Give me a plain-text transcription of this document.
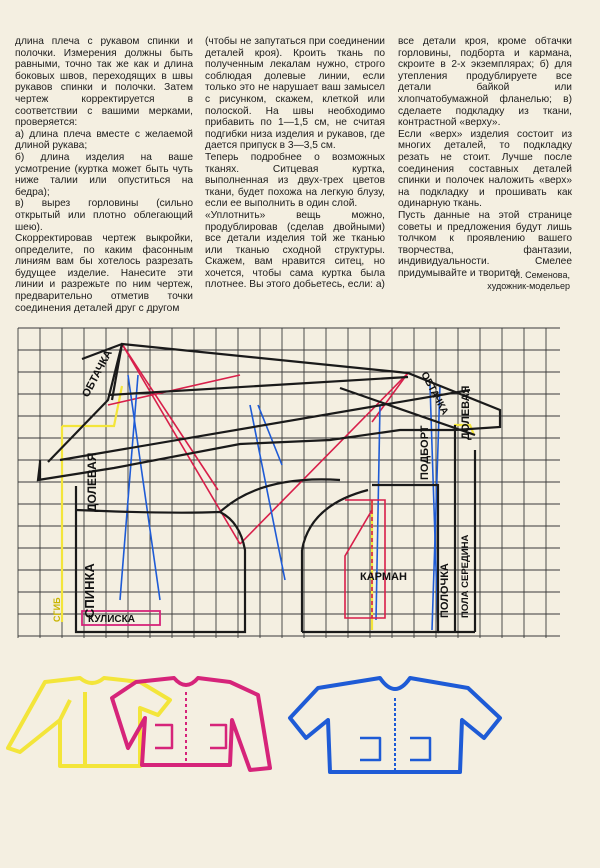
длина плеча с рукавом спинки и полочки. Измерения должны быть равными, точно так же как и длина боковых швов, переходящих в швы рукавов спинки и полочки. Затем чертеж корректируется в соответствии с вашими мерками, проверяется:

а) длина плеча вместе с желаемой длиной рукава;

б) длина изделия на ваше усмотрение (куртка может быть чуть ниже талии или опуститься на бедра);

в) вырез горловины (сильно открытый или плотно облегающий шею).

Скорректировав чертеж выкройки, определите, по каким фасонным линиям вам бы хотелось разрезать будущее изделие. Нанесите эти линии и разрежьте по ним чертеж, предварительно отметив точки соединения деталей друг с другом

(чтобы не запутаться при соединении деталей кроя). Кроить ткань по полученным лекалам нужно, строго соблюдая долевые линии, если только это не нарушает ваш замысел с рисунком, скажем, клеткой или полоской. На швы необходимо прибавить по 1—1,5 см, не считая подгибки низа изделия и рукавов, где дается припуск в 3—3,5 см.

Теперь подробнее о возможных тканях. Ситцевая куртка, выполненная из двух-трех цветов ткани, будет похожа на легкую блузу, если ее выполнить в один слой.

«Уплотнить» вещь можно, продублировав (сделав двойными) все детали изделия той же тканью или тканью сходной структуры. Скажем, вам нравится ситец, но хочется, чтобы сама куртка была плотнее. Вы этого добьетесь, если: а)

все детали кроя, кроме обтачки горловины, подборта и кармана, скроите в 2-х экземплярах; б) для утепления продублируете все детали байкой или хлопчатобумажной фланелью; в) сделаете подкладку из ткани, контрастной «верху».

Если «верх» изделия состоит из многих деталей, то подкладку резать не стоит. Лучше после соединения составных деталей спинки и полочек наложить «верх» на подкладку и прошивать как одинарную ткань.

Пусть данные на этой странице советы и предложения будут лишь толчком к проявлению вашего творчества, фантазии, индивидуальности. Смелее придумывайте и творите!

И. Семенова,
художник-модельер
ОБТАЧКА	ОБТАЧКА
ДОЛЕВАЯ
ДОЛЕВАЯ
ПОДБОРТ
СПИНКА
КУЛИСКА
КАРМАН	ПОЛОЧКА ПОЛА СЕРЕДИНА
СГИБ
